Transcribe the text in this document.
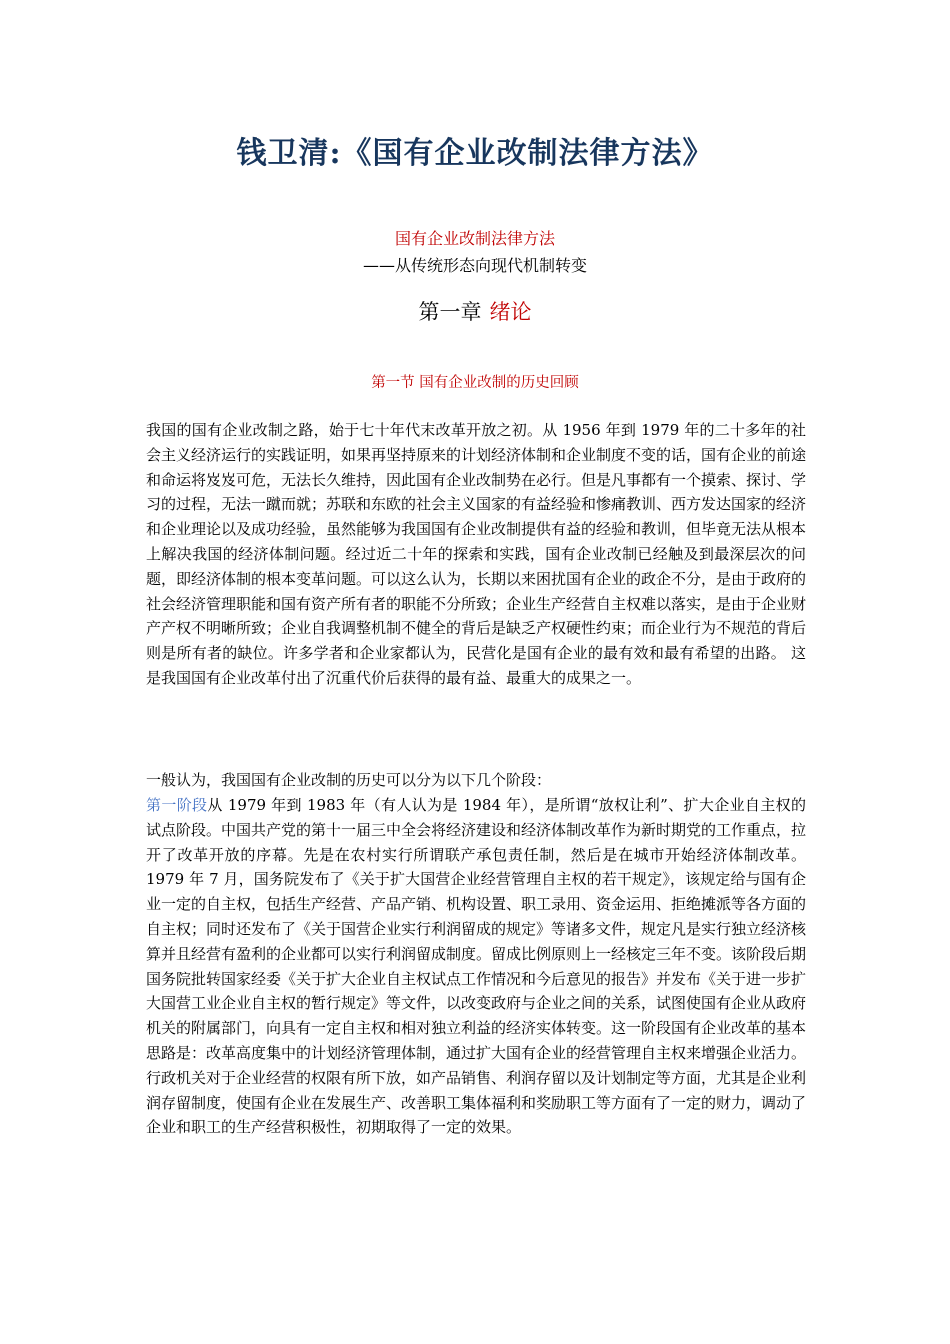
钱卫清:《国有企业改制法律方法》
国有企业改制法律方法
——从传统形态向现代机制转变
第一章 绪论
第一节 国有企业改制的历史回顾
我国的国有企业改制之路，始于七十年代末改革开放之初。从 1956 年到 1979 年的二十多年的社会主义经济运行的实践证明，如果再坚持原来的计划经济体制和企业制度不变的话，国有企业的前途和命运将岌岌可危，无法长久维持，因此国有企业改制势在必行。但是凡事都有一个摸索、探讨、学习的过程，无法一蹴而就；苏联和东欧的社会主义国家的有益经验和惨痛教训、西方发达国家的经济和企业理论以及成功经验，虽然能够为我国国有企业改制提供有益的经验和教训，但毕竟无法从根本上解决我国的经济体制问题。经过近二十年的探索和实践，国有企业改制已经触及到最深层次的问题，即经济体制的根本变革问题。可以这么认为，长期以来困扰国有企业的政企不分，是由于政府的社会经济管理职能和国有资产所有者的职能不分所致；企业生产经营自主权难以落实，是由于企业财产产权不明晰所致；企业自我调整机制不健全的背后是缺乏产权硬性约束；而企业行为不规范的背后则是所有者的缺位。许多学者和企业家都认为，民营化是国有企业的最有效和最有希望的出路。 这是我国国有企业改革付出了沉重代价后获得的最有益、最重大的成果之一。
一般认为，我国国有企业改制的历史可以分为以下几个阶段：
第一阶段从 1979 年到 1983 年（有人认为是 1984 年），是所谓“放权让利”、扩大企业自主权的试点阶段。中国共产党的第十一届三中全会将经济建设和经济体制改革作为新时期党的工作重点，拉开了改革开放的序幕。先是在农村实行所谓联产承包责任制，然后是在城市开始经济体制改革。1979 年 7 月，国务院发布了《关于扩大国营企业经营管理自主权的若干规定》，该规定给与国有企业一定的自主权，包括生产经营、产品产销、机构设置、职工录用、资金运用、拒绝摊派等各方面的自主权；同时还发布了《关于国营企业实行利润留成的规定》等诸多文件，规定凡是实行独立经济核算并且经营有盈利的企业都可以实行利润留成制度。留成比例原则上一经核定三年不变。该阶段后期国务院批转国家经委《关于扩大企业自主权试点工作情况和今后意见的报告》并发布《关于进一步扩大国营工业企业自主权的暂行规定》等文件，以改变政府与企业之间的关系，试图使国有企业从政府机关的附属部门，向具有一定自主权和相对独立利益的经济实体转变。这一阶段国有企业改革的基本思路是：改革高度集中的计划经济管理体制，通过扩大国有企业的经营管理自主权来增强企业活力。行政机关对于企业经营的权限有所下放，如产品销售、利润存留以及计划制定等方面，尤其是企业利润存留制度，使国有企业在发展生产、改善职工集体福利和奖励职工等方面有了一定的财力，调动了企业和职工的生产经营积极性，初期取得了一定的效果。
